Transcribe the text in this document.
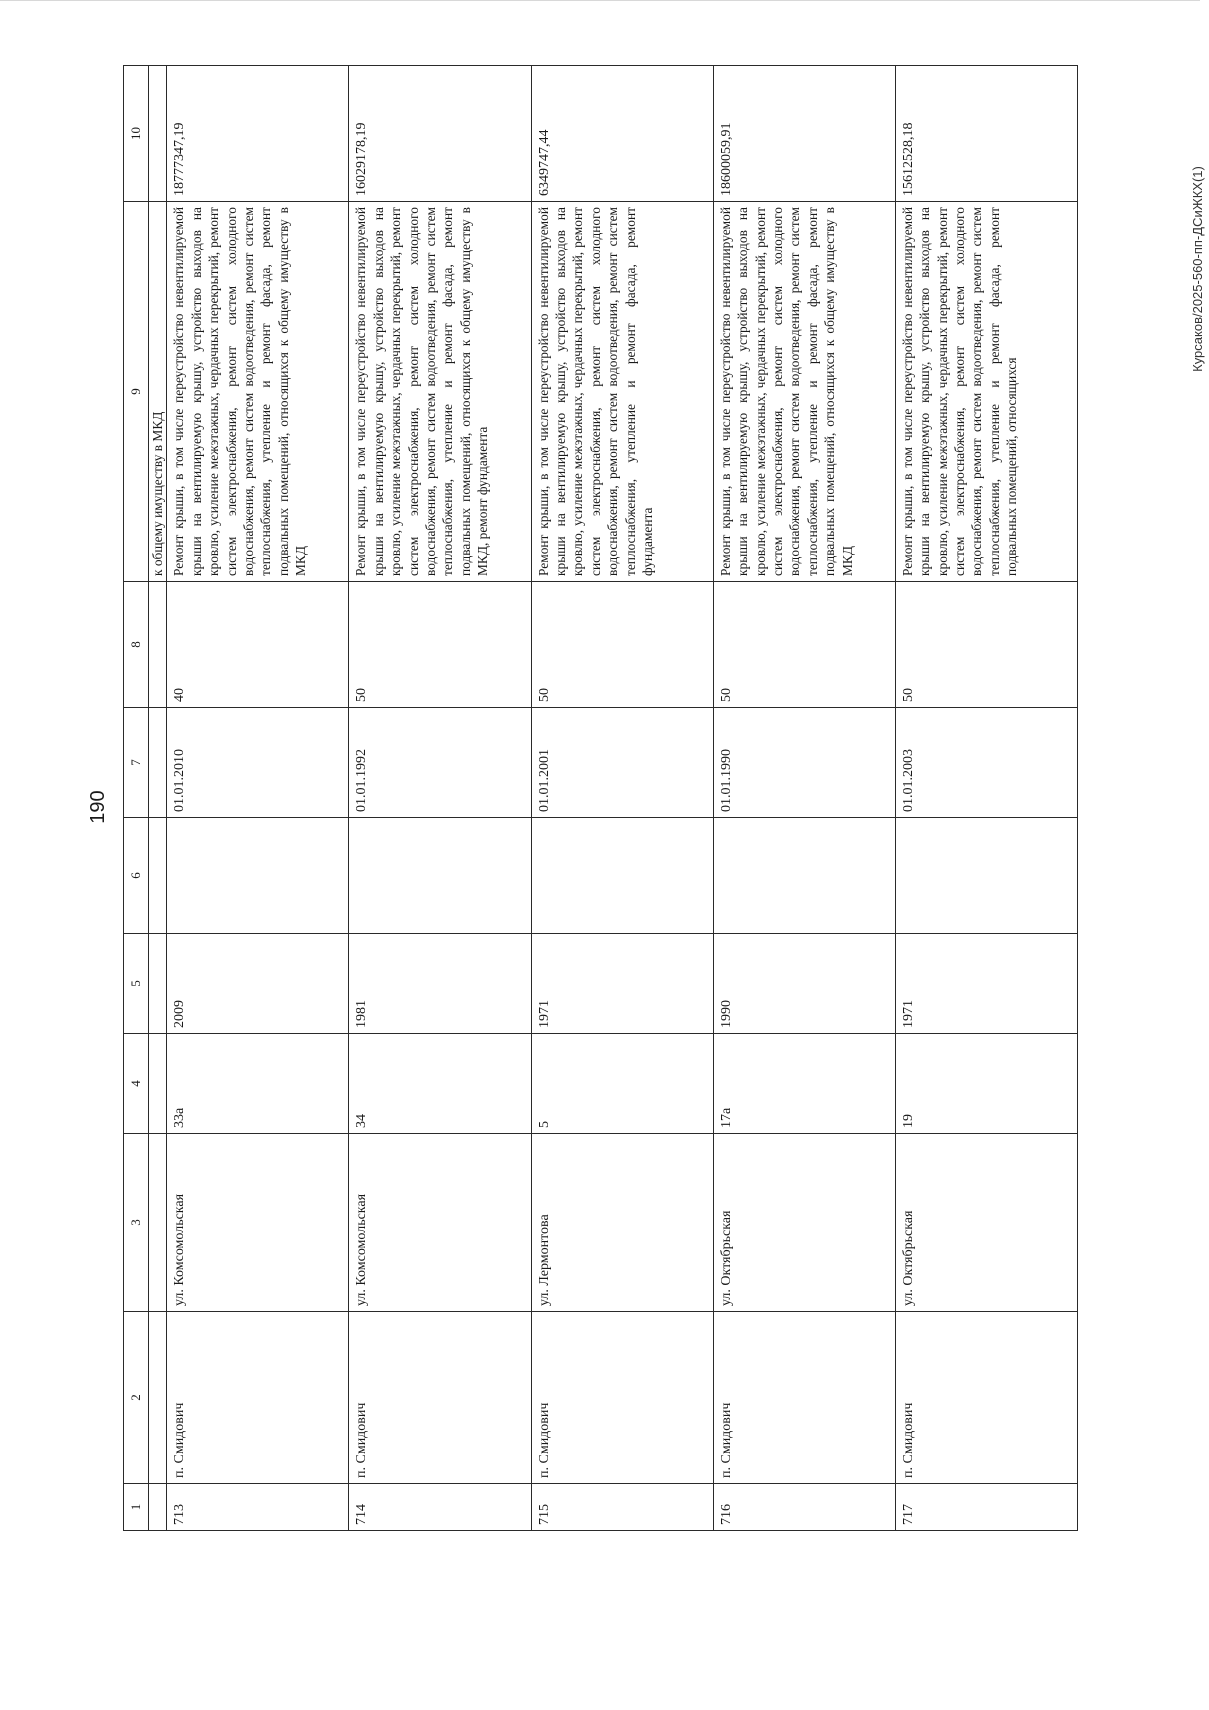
190
Курсаков/2025-560-пп-ДСиЖКХ(1)
1	2	3	4	5	6	7	8	9	10
								к общему имуществу в МКД	
713	п. Смидович	ул. Комсомольская	33а	2009		01.01.2010	40	Ремонт крыши, в том числе переустройство невентилируемой крыши на вентилируемую крышу, устройство выходов на кровлю, усиление межэтажных, чердачных перекрытий, ремонт систем электроснабжения, ремонт систем холодного водоснабжения, ремонт систем водоотведения, ремонт систем теплоснабжения, утепление и ремонт фасада, ремонт подвальных помещений, относящихся к общему имуществу в МКД	18777347,19
714	п. Смидович	ул. Комсомольская	34	1981		01.01.1992	50	Ремонт крыши, в том числе переустройство невентилируемой крыши на вентилируемую крышу, устройство выходов на кровлю, усиление межэтажных, чердачных перекрытий, ремонт систем электроснабжения, ремонт систем холодного водоснабжения, ремонт систем водоотведения, ремонт систем теплоснабжения, утепление и ремонт фасада, ремонт подвальных помещений, относящихся к общему имуществу в МКД, ремонт фундамента	16029178,19
715	п. Смидович	ул. Лермонтова	5	1971		01.01.2001	50	Ремонт крыши, в том числе переустройство невентилируемой крыши на вентилируемую крышу, устройство выходов на кровлю, усиление межэтажных, чердачных перекрытий, ремонт систем электроснабжения, ремонт систем холодного водоснабжения, ремонт систем водоотведения, ремонт систем теплоснабжения, утепление и ремонт фасада, ремонт фундамента	6349747,44
716	п. Смидович	ул. Октябрьская	17а	1990		01.01.1990	50	Ремонт крыши, в том числе переустройство невентилируемой крыши на вентилируемую крышу, устройство выходов на кровлю, усиление межэтажных, чердачных перекрытий, ремонт систем электроснабжения, ремонт систем холодного водоснабжения, ремонт систем водоотведения, ремонт систем теплоснабжения, утепление и ремонт фасада, ремонт подвальных помещений, относящихся к общему имуществу в МКД	18600059,91
717	п. Смидович	ул. Октябрьская	19	1971		01.01.2003	50	Ремонт крыши, в том числе переустройство невентилируемой крыши на вентилируемую крышу, устройство выходов на кровлю, усиление межэтажных, чердачных перекрытий, ремонт систем электроснабжения, ремонт систем холодного водоснабжения, ремонт систем водоотведения, ремонт систем теплоснабжения, утепление и ремонт фасада, ремонт подвальных помещений, относящихся	15612528,18
